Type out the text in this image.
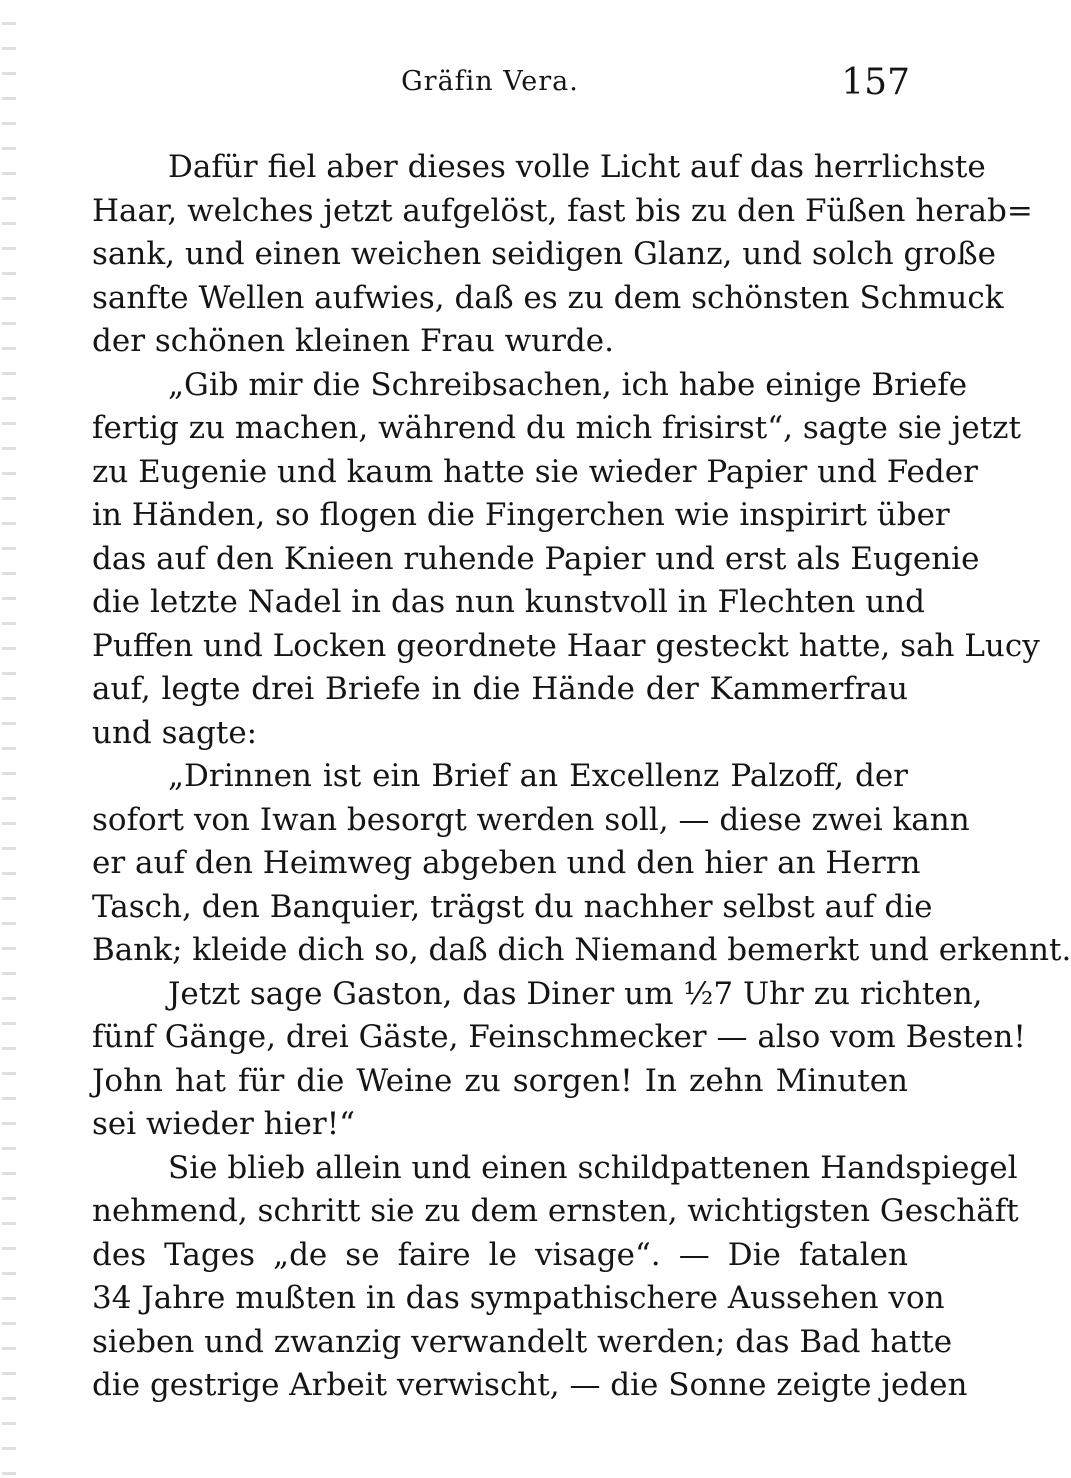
Gräfin Vera.	157
Dafür fiel aber dieses volle Licht auf das herrlichste
Haar, welches jetzt aufgelöst, fast bis zu den Füßen herab=
sank, und einen weichen seidigen Glanz, und solch große
sanfte Wellen aufwies, daß es zu dem schönsten Schmuck
der schönen kleinen Frau wurde.
„Gib mir die Schreibsachen, ich habe einige Briefe
fertig zu machen, während du mich frisirst“, sagte sie jetzt
zu Eugenie und kaum hatte sie wieder Papier und Feder
in Händen, so flogen die Fingerchen wie inspirirt über
das auf den Knieen ruhende Papier und erst als Eugenie
die letzte Nadel in das nun kunstvoll in Flechten und
Puffen und Locken geordnete Haar gesteckt hatte, sah Lucy
auf, legte drei Briefe in die Hände der Kammerfrau
und sagte:
„Drinnen ist ein Brief an Excellenz Palzoff, der
sofort von Iwan besorgt werden soll, — diese zwei kann
er auf den Heimweg abgeben und den hier an Herrn
Tasch, den Banquier, trägst du nachher selbst auf die
Bank; kleide dich so, daß dich Niemand bemerkt und erkennt.
Jetzt sage Gaston, das Diner um ½7 Uhr zu richten,
fünf Gänge, drei Gäste, Feinschmecker — also vom Besten!
John hat für die Weine zu sorgen! In zehn Minuten
sei wieder hier!“
Sie blieb allein und einen schildpattenen Handspiegel
nehmend, schritt sie zu dem ernsten, wichtigsten Geschäft
des Tages „de se faire le visage“. — Die fatalen
34 Jahre mußten in das sympathischere Aussehen von
sieben und zwanzig verwandelt werden; das Bad hatte
die gestrige Arbeit verwischt, — die Sonne zeigte jeden
